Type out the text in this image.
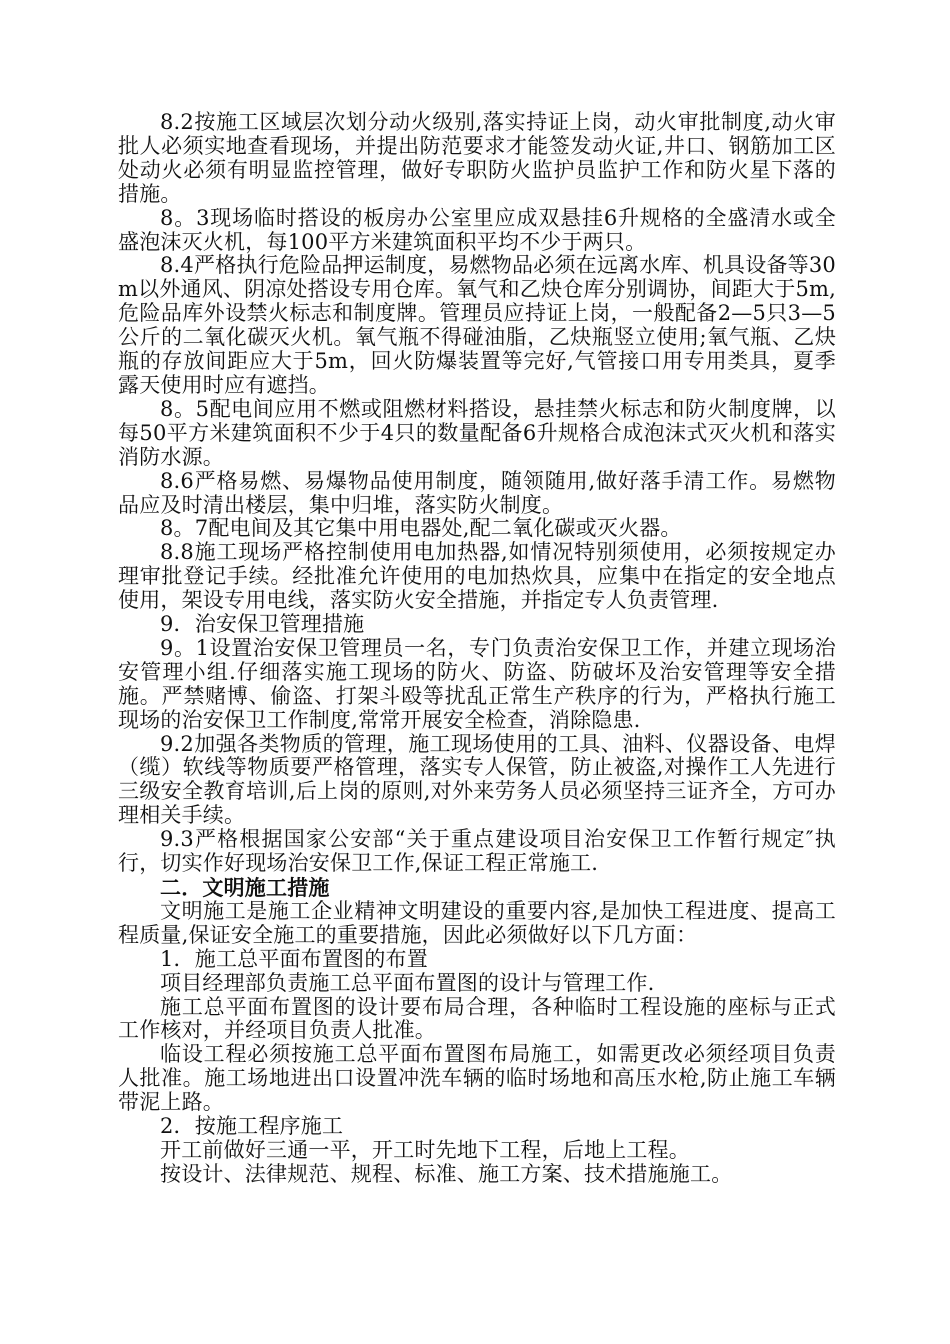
8.2按施工区域层次划分动火级别,落实持证上岗，动火审批制度,动火审批人必须实地查看现场，并提出防范要求才能签发动火证,井口、钢筋加工区处动火必须有明显监控管理，做好专职防火监护员监护工作和防火星下落的措施。

8。3现场临时搭设的板房办公室里应成双悬挂6升规格的全盛清水或全盛泡沫灭火机，每100平方米建筑面积平均不少于两只。

8.4严格执行危险品押运制度，易燃物品必须在远离水库、机具设备等30m以外通风、阴凉处搭设专用仓库。氧气和乙炔仓库分别调协，间距大于5m,危险品库外设禁火标志和制度牌。管理员应持证上岗，一般配备2—5只3—5公斤的二氧化碳灭火机。氧气瓶不得碰油脂，乙炔瓶竖立使用;氧气瓶、乙炔瓶的存放间距应大于5m，回火防爆装置等完好,气管接口用专用类具，夏季露天使用时应有遮挡。

8。5配电间应用不燃或阻燃材料搭设，悬挂禁火标志和防火制度牌，以每50平方米建筑面积不少于4只的数量配备6升规格合成泡沫式灭火机和落实消防水源。

8.6严格易燃、易爆物品使用制度，随领随用,做好落手清工作。易燃物品应及时清出楼层，集中归堆，落实防火制度。

8。7配电间及其它集中用电器处,配二氧化碳或灭火器。

8.8施工现场严格控制使用电加热器,如情况特别须使用，必须按规定办理审批登记手续。经批准允许使用的电加热炊具，应集中在指定的安全地点使用，架设专用电线，落实防火安全措施，并指定专人负责管理.

9．治安保卫管理措施

9。1设置治安保卫管理员一名，专门负责治安保卫工作，并建立现场治安管理小组.仔细落实施工现场的防火、防盗、防破坏及治安管理等安全措施。严禁赌博、偷盗、打架斗殴等扰乱正常生产秩序的行为，严格执行施工现场的治安保卫工作制度,常常开展安全检查，消除隐患.

9.2加强各类物质的管理，施工现场使用的工具、油料、仪器设备、电焊（缆）软线等物质要严格管理，落实专人保管，防止被盗,对操作工人先进行三级安全教育培训,后上岗的原则,对外来劳务人员必须坚持三证齐全，方可办理相关手续。

9.3严格根据国家公安部“关于重点建设项目治安保卫工作暂行规定″执行，切实作好现场治安保卫工作,保证工程正常施工.

二．文明施工措施

文明施工是施工企业精神文明建设的重要内容,是加快工程进度、提高工程质量,保证安全施工的重要措施，因此必须做好以下几方面：

1．施工总平面布置图的布置

项目经理部负责施工总平面布置图的设计与管理工作.

施工总平面布置图的设计要布局合理，各种临时工程设施的座标与正式工作核对，并经项目负责人批准。

临设工程必须按施工总平面布置图布局施工，如需更改必须经项目负责人批准。施工场地进出口设置冲洗车辆的临时场地和高压水枪,防止施工车辆带泥上路。

2．按施工程序施工

开工前做好三通一平，开工时先地下工程，后地上工程。

按设计、法律规范、规程、标准、施工方案、技术措施施工。
